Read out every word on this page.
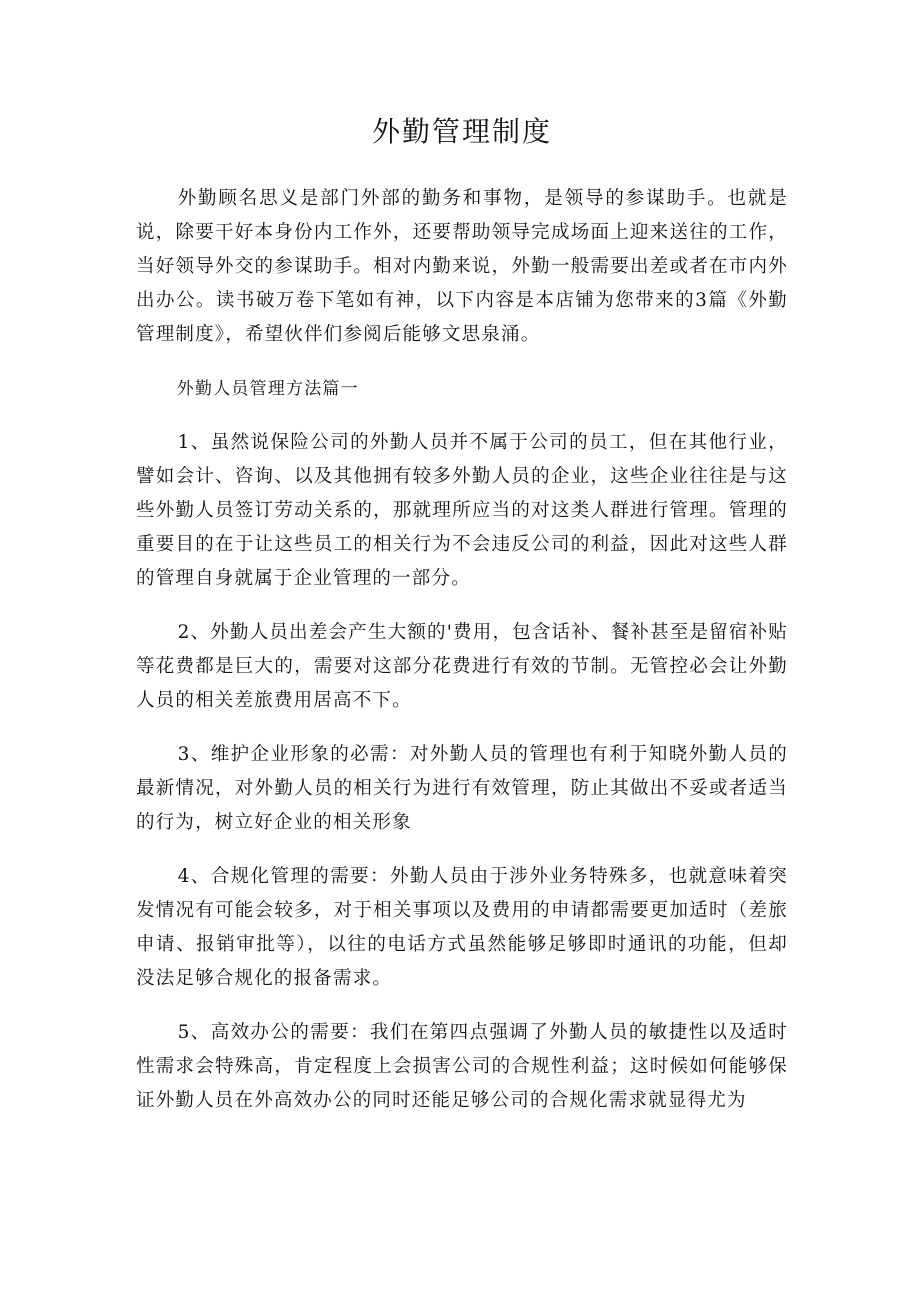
外勤管理制度

外勤顾名思义是部门外部的勤务和事物，是领导的参谋助手。也就是说，除要干好本身份内工作外，还要帮助领导完成场面上迎来送往的工作，当好领导外交的参谋助手。相对内勤来说，外勤一般需要出差或者在市内外出办公。读书破万卷下笔如有神，以下内容是本店铺为您带来的3篇《外勤管理制度》，希望伙伴们参阅后能够文思泉涌。

外勤人员管理方法篇一

1、虽然说保险公司的外勤人员并不属于公司的员工，但在其他行业，譬如会计、咨询、以及其他拥有较多外勤人员的企业，这些企业往往是与这些外勤人员签订劳动关系的，那就理所应当的对这类人群进行管理。管理的重要目的在于让这些员工的相关行为不会违反公司的利益，因此对这些人群的管理自身就属于企业管理的一部分。

2、外勤人员出差会产生大额的'费用，包含话补、餐补甚至是留宿补贴等花费都是巨大的，需要对这部分花费进行有效的节制。无管控必会让外勤人员的相关差旅费用居高不下。

3、维护企业形象的必需：对外勤人员的管理也有利于知晓外勤人员的最新情况，对外勤人员的相关行为进行有效管理，防止其做出不妥或者适当的行为，树立好企业的相关形象

4、合规化管理的需要：外勤人员由于涉外业务特殊多，也就意味着突发情况有可能会较多，对于相关事项以及费用的申请都需要更加适时（差旅申请、报销审批等），以往的电话方式虽然能够足够即时通讯的功能，但却没法足够合规化的报备需求。

5、高效办公的需要：我们在第四点强调了外勤人员的敏捷性以及适时性需求会特殊高，肯定程度上会损害公司的合规性利益；这时候如何能够保证外勤人员在外高效办公的同时还能足够公司的合规化需求就显得尤为
